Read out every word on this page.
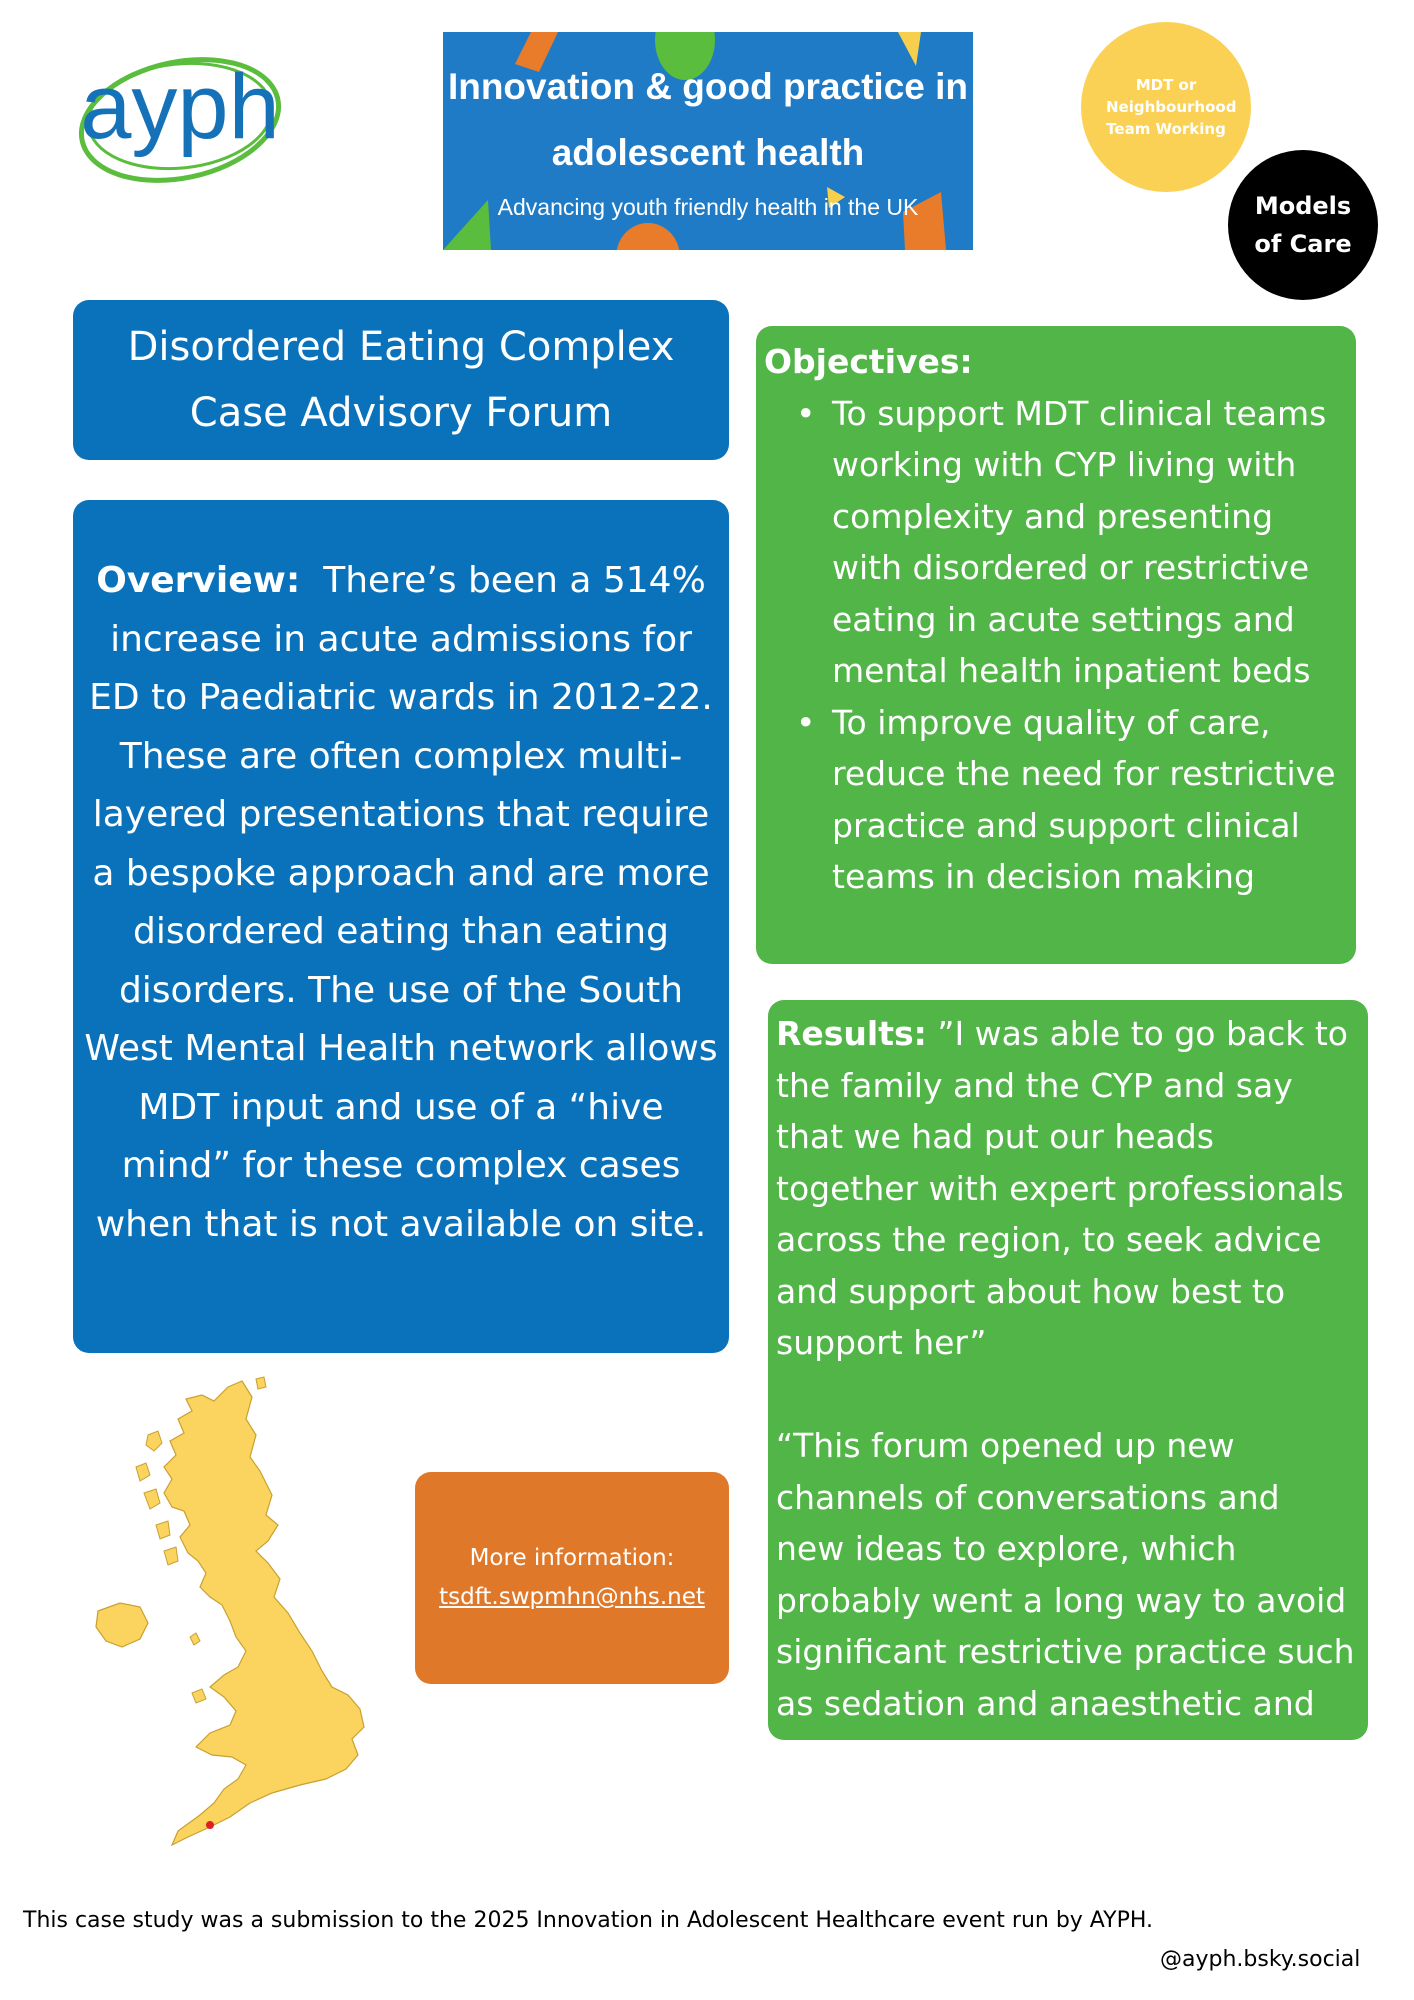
ayph	Innovation & good practice in
adolescent health
Advancing youth friendly health in the UK
MDT or Neighbourhood Team Working
Models of Care
Disordered Eating Complex Case Advisory Forum
Overview: There’s been a 514% increase in acute admissions for ED to Paediatric wards in 2012-22. These are often complex multi-layered presentations that require a bespoke approach and are more disordered eating than eating disorders. The use of the South West Mental Health network allows MDT input and use of a “hive mind” for these complex cases when that is not available on site.
Objectives:
• To support MDT clinical teams working with CYP living with complexity and presenting with disordered or restrictive eating in acute settings and mental health inpatient beds
• To improve quality of care, reduce the need for restrictive practice and support clinical teams in decision making
Results: ”I was able to go back to the family and the CYP and say that we had put our heads together with expert professionals across the region, to seek advice and support about how best to support her”
“This forum opened up new channels of conversations and new ideas to explore, which probably went a long way to avoid significant restrictive practice such as sedation and anaesthetic and referral to tier 4”
More information:
tsdft.swpmhn@nhs.net
This case study was a submission to the 2025 Innovation in Adolescent Healthcare event run by AYPH.
@ayph.bsky.social
